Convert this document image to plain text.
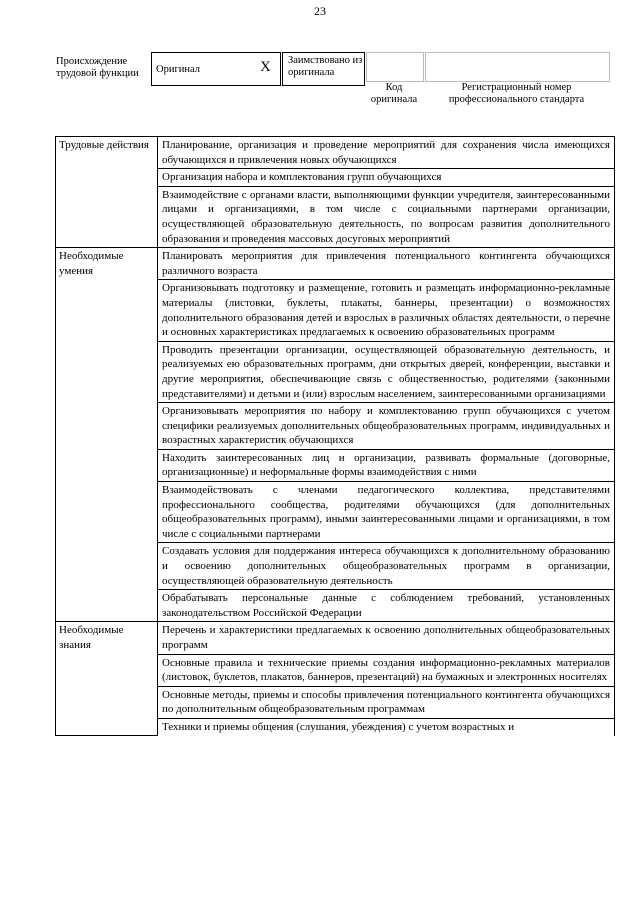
23
Происхождение трудовой функции	Оригинал	X Заимствовано из оригинала
Код оригинала
Регистрационный номер профессионального стандарта
Трудовые действия	Планирование, организация и проведение мероприятий для сохранения числа имеющихся обучающихся и привлечения новых обучающихся
	Организация набора и комплектования групп обучающихся
	Взаимодействие с органами власти, выполняющими функции учредителя, заинтересованными лицами и организациями, в том числе с социальными партнерами организации, осуществляющей образовательную деятельность, по вопросам развития дополнительного образования и проведения массовых досуговых мероприятий
Необходимые умения	Планировать мероприятия для привлечения потенциального контингента обучающихся различного возраста
	Организовывать подготовку и размещение, готовить и размещать информационно-рекламные материалы (листовки, буклеты, плакаты, баннеры, презентации) о возможностях дополнительного образования детей и взрослых в различных областях деятельности, о перечне и основных характеристиках предлагаемых к освоению образовательных программ
	Проводить презентации организации, осуществляющей образовательную деятельность, и реализуемых ею образовательных программ, дни открытых дверей, конференции, выставки и другие мероприятия, обеспечивающие связь с общественностью, родителями (законными представителями) и детьми и (или) взрослым населением, заинтересованными организациями
	Организовывать мероприятия по набору и комплектованию групп обучающихся с учетом специфики реализуемых дополнительных общеобразовательных программ, индивидуальных и возрастных характеристик обучающихся
	Находить заинтересованных лиц и организации, развивать формальные (договорные, организационные) и неформальные формы взаимодействия с ними
	Взаимодействовать с членами педагогического коллектива, представителями профессионального сообщества, родителями обучающихся (для дополнительных общеобразовательных программ), иными заинтересованными лицами и организациями, в том числе с социальными партнерами
	Создавать условия для поддержания интереса обучающихся к дополнительному образованию и освоению дополнительных общеобразовательных программ в организации, осуществляющей образовательную деятельность
	Обрабатывать персональные данные с соблюдением требований, установленных законодательством Российской Федерации
Необходимые знания	Перечень и характеристики предлагаемых к освоению дополнительных общеобразовательных программ
	Основные правила и технические приемы создания информационно-рекламных материалов (листовок, буклетов, плакатов, баннеров, презентаций) на бумажных и электронных носителях
	Основные методы, приемы и способы привлечения потенциального контингента обучающихся по дополнительным общеобразовательным программам
	Техники и приемы общения (слушания, убеждения) с учетом возрастных и
